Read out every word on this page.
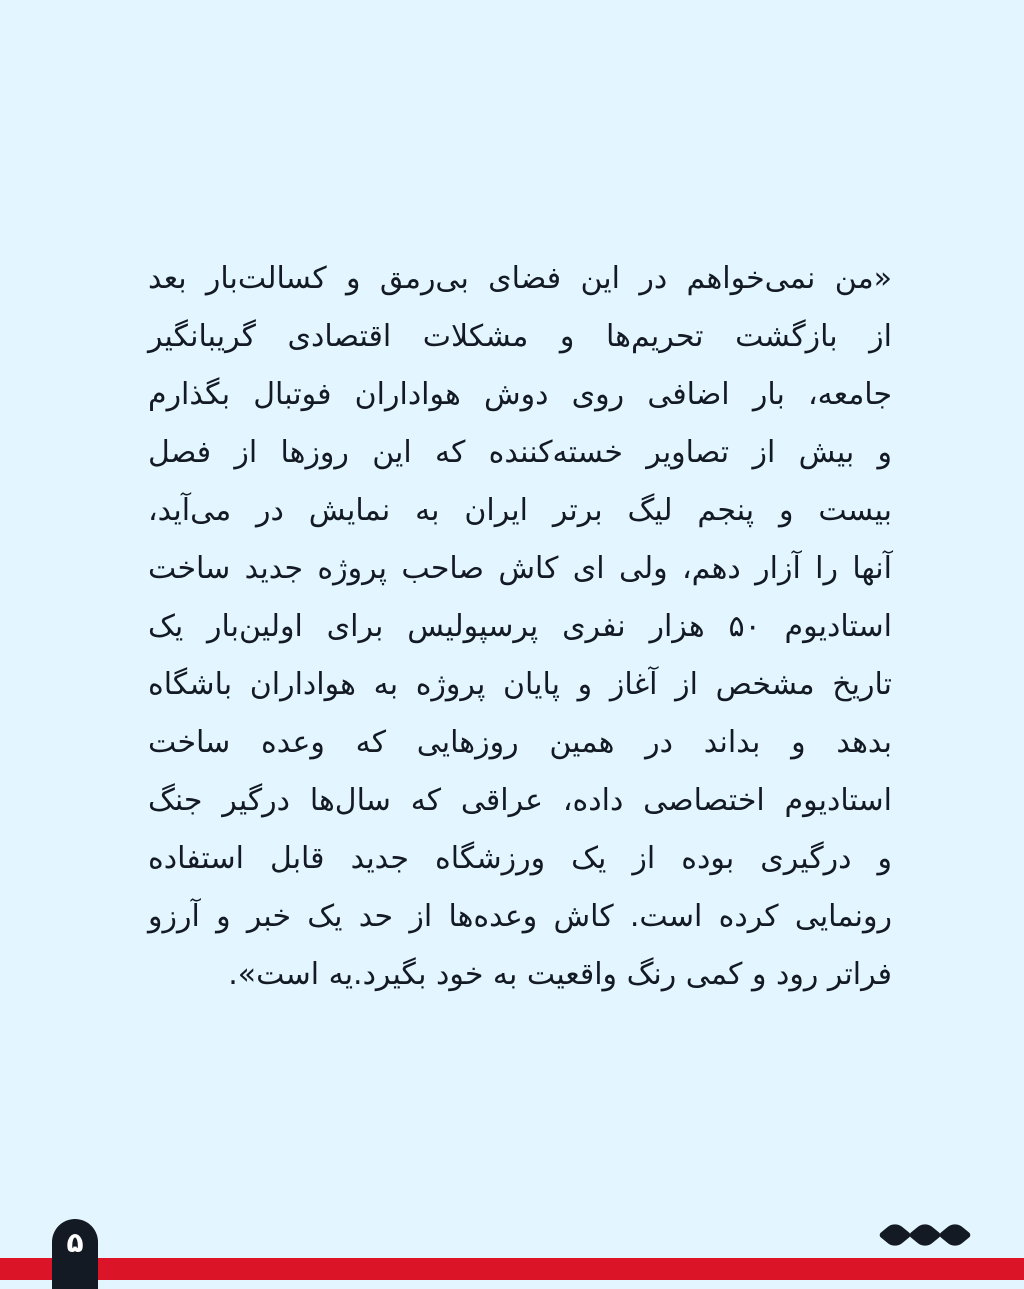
«من نمی‌خواهم در این فضای بی‌رمق و کسالت‌بار بعد
از بازگشت تحریم‌ها و مشکلات اقتصادی گریبانگیر
جامعه، بار اضافی روی دوش هواداران فوتبال بگذارم
و بیش از تصاویر خسته‌کننده که این روزها از فصل
بیست و پنجم لیگ برتر ایران به نمایش در می‌آید،
آنها را آزار دهم، ولی ای کاش صاحب پروژه جدید ساخت
استادیوم ۵۰ هزار نفری پرسپولیس برای اولین‌بار یک
تاریخ مشخص از آغاز و پایان پروژه به هواداران باشگاه
بدهد و بداند در همین روزهایی که وعده ساخت
استادیوم اختصاصی داده، عراقی که سال‌ها درگیر جنگ
و درگیری بوده از یک ورزشگاه جدید قابل استفاده
رونمایی کرده است. کاش وعده‌ها از حد یک خبر و آرزو
فراتر رود و کمی رنگ واقعیت به خود بگیرد.یه است».
۵
